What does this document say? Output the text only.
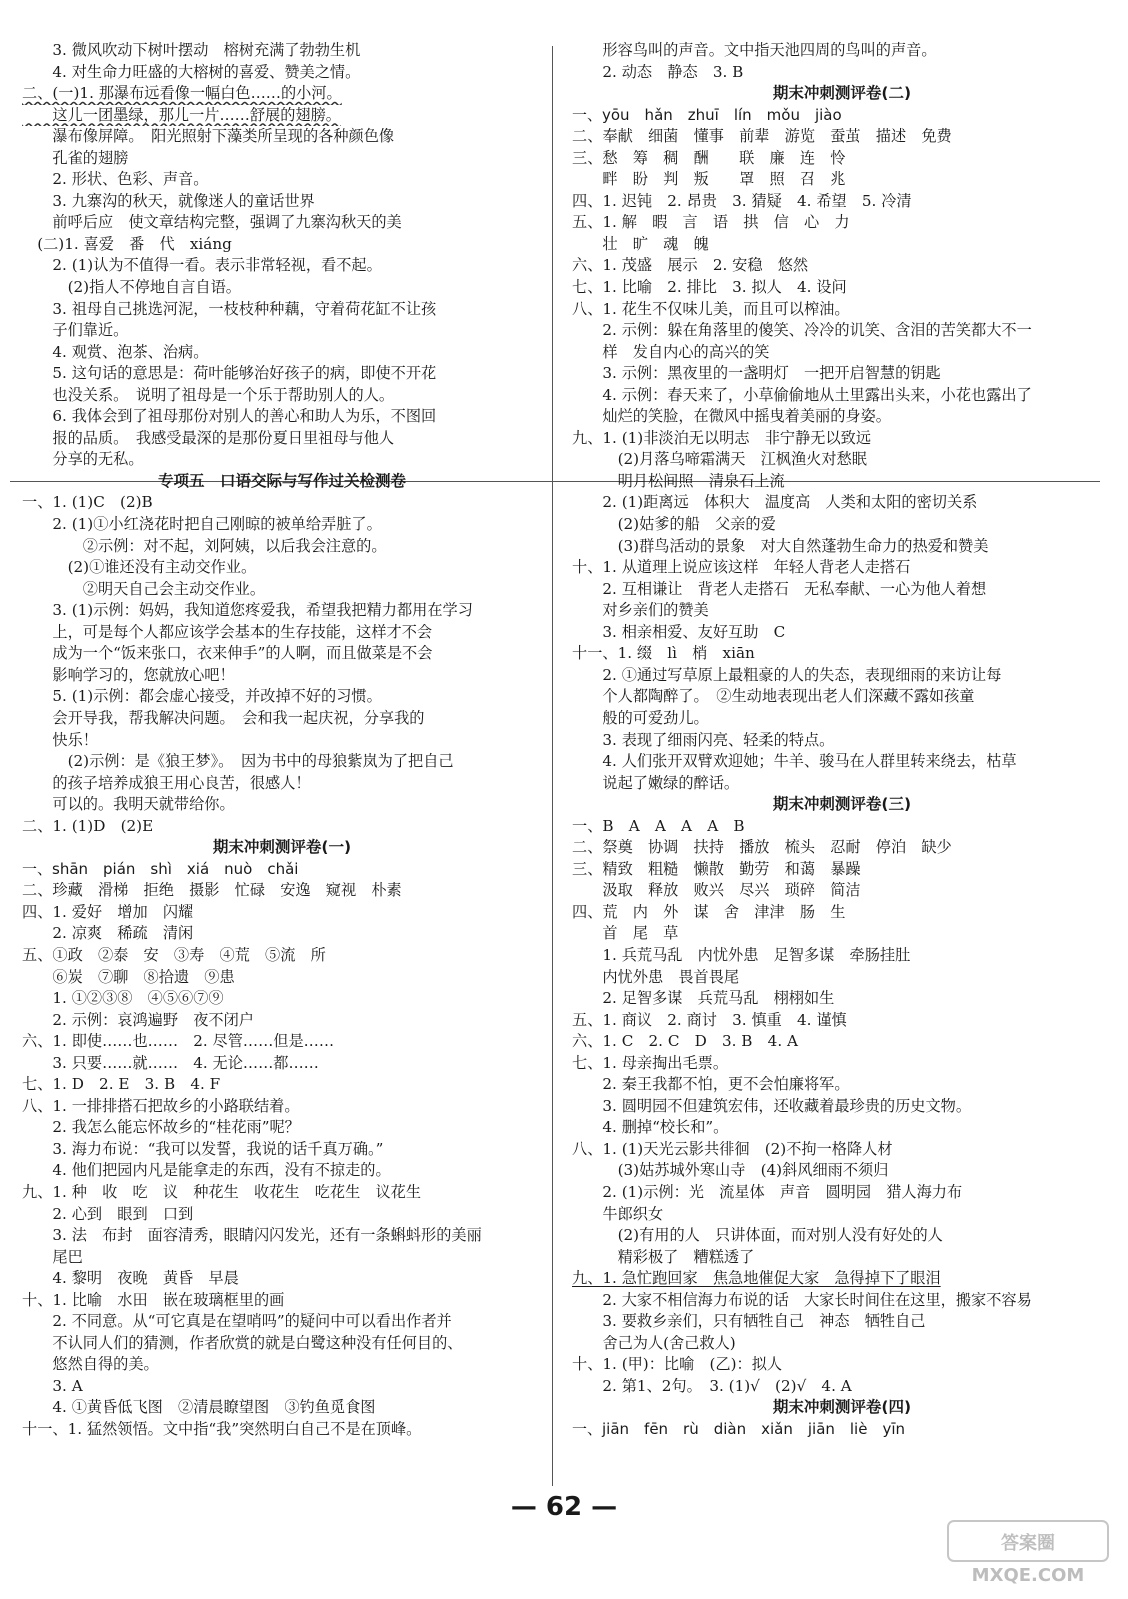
　　3. 微风吹动下树叶摆动　榕树充满了勃勃生机
　　4. 对生命力旺盛的大榕树的喜爱、赞美之情。
二、(一)1. 那瀑布远看像一幅白色……的小河。
　　这儿一团墨绿，那儿一片……舒展的翅膀。
　　瀑布像屏障。　阳光照射下藻类所呈现的各种颜色像
　　孔雀的翅膀
　　2. 形状、色彩、声音。
　　3. 九寨沟的秋天，就像迷人的童话世界
　　前呼后应　使文章结构完整，强调了九寨沟秋天的美
　(二)1. 喜爱　番　代　xiáng
　　2. (1)认为不值得一看。表示非常轻视，看不起。
　　　(2)指人不停地自言自语。
　　3. 祖母自己挑选河泥，一枝枝种种藕，守着荷花缸不让孩
　　子们靠近。
　　4. 观赏、泡茶、治病。
　　5. 这句话的意思是：荷叶能够治好孩子的病，即使不开花
　　也没关系。　说明了祖母是一个乐于帮助别人的人。
　　6. 我体会到了祖母那份对别人的善心和助人为乐，不图回
　　报的品质。　我感受最深的是那份夏日里祖母与他人
　　分享的无私。
专项五　口语交际与写作过关检测卷
一、1. (1)C　(2)B
　　2. (1)①小红浇花时把自己刚晾的被单给弄脏了。
　　　　②示例：对不起，刘阿姨，以后我会注意的。
　　　(2)①谁还没有主动交作业。
　　　　②明天自己会主动交作业。
　　3. (1)示例：妈妈，我知道您疼爱我，希望我把精力都用在学习
　　上，可是每个人都应该学会基本的生存技能，这样才不会
　　成为一个“饭来张口，衣来伸手”的人啊，而且做菜是不会
　　影响学习的，您就放心吧！
　　5. (1)示例：都会虚心接受，并改掉不好的习惯。
　　会开导我，帮我解决问题。　会和我一起庆祝，分享我的
　　快乐！
　　　(2)示例：是《狼王梦》。　因为书中的母狼紫岚为了把自己
　　的孩子培养成狼王用心良苦，很感人！
　　可以的。我明天就带给你。
二、1. (1)D　(2)E
期末冲刺测评卷(一)
一、shān　pián　shì　xiá　nuò　chǎi
二、珍藏　滑梯　拒绝　摄影　忙碌　安逸　窥视　朴素
四、1. 爱好　增加　闪耀
　　2. 凉爽　稀疏　清闲
五、①政　②泰　安　③寿　④荒　⑤流　所
　　⑥炭　⑦聊　⑧拾遗　⑨患
　　1. ①②③⑧　④⑤⑥⑦⑨
　　2. 示例：哀鸿遍野　夜不闭户
六、1. 即使……也……　2. 尽管……但是……
　　3. 只要……就……　4. 无论……都……
七、1. D　2. E　3. B　4. F
八、1. 一排排搭石把故乡的小路联结着。
　　2. 我怎么能忘怀故乡的“桂花雨”呢？
　　3. 海力布说：“我可以发誓，我说的话千真万确。”
　　4. 他们把园内凡是能拿走的东西，没有不掠走的。
九、1. 种　收　吃　议　种花生　收花生　吃花生　议花生
　　2. 心到　眼到　口到
　　3. 法　布封　面容清秀，眼睛闪闪发光，还有一条蝌蚪形的美丽
　　尾巴
　　4. 黎明　夜晚　黄昏　早晨
十、1. 比喻　水田　嵌在玻璃框里的画
　　2. 不同意。从“可它真是在望哨吗”的疑问中可以看出作者并
　　不认同人们的猜测，作者欣赏的就是白鹭这种没有任何目的、
　　悠然自得的美。
　　3. A
　　4. ①黄昏低飞图　②清晨瞭望图　③钓鱼觅食图
十一、1. 猛然领悟。文中指“我”突然明白自己不是在顶峰。
　　形容鸟叫的声音。文中指天池四周的鸟叫的声音。
　　2. 动态　静态　3. B
期末冲刺测评卷(二)
一、yōu　hǎn　zhuī　lín　mǒu　jiào
二、奉献　细菌　懂事　前辈　游览　蚕茧　描述　免费
三、愁　筹　稠　酬　　联　廉　连　怜
　　畔　盼　判　叛　　罩　照　召　兆
四、1. 迟钝　2. 昂贵　3. 猜疑　4. 希望　5. 冷清
五、1. 解　暇　言　语　拱　信　心　力
　　壮　旷　魂　魄
六、1. 茂盛　展示　2. 安稳　悠然
七、1. 比喻　2. 排比　3. 拟人　4. 设问
八、1. 花生不仅味儿美，而且可以榨油。
　　2. 示例：躲在角落里的傻笑、冷冷的讥笑、含泪的苦笑都大不一
　　样　发自内心的高兴的笑
　　3. 示例：黑夜里的一盏明灯　一把开启智慧的钥匙
　　4. 示例：春天来了，小草偷偷地从土里露出头来，小花也露出了
　　灿烂的笑脸，在微风中摇曳着美丽的身姿。
九、1. (1)非淡泊无以明志　非宁静无以致远
　　　(2)月落乌啼霜满天　江枫渔火对愁眠
　　　明月松间照　清泉石上流
　　2. (1)距离远　体积大　温度高　人类和太阳的密切关系
　　　(2)姑爹的船　父亲的爱
　　　(3)群鸟活动的景象　对大自然蓬勃生命力的热爱和赞美
十、1. 从道理上说应该这样　年轻人背老人走搭石
　　2. 互相谦让　背老人走搭石　无私奉献、一心为他人着想
　　对乡亲们的赞美
　　3. 相亲相爱、友好互助　C
十一、1. 缀　lì　梢　xiān
　　2. ①通过写草原上最粗豪的人的失态，表现细雨的来访让每
　　个人都陶醉了。　②生动地表现出老人们深藏不露如孩童
　　般的可爱劲儿。
　　3. 表现了细雨闪亮、轻柔的特点。
　　4. 人们张开双臂欢迎她；牛羊、骏马在人群里转来绕去，枯草
　　说起了嫩绿的醉话。
期末冲刺测评卷(三)
一、B　A　A　A　A　B
二、祭奠　协调　扶持　播放　梳头　忍耐　停泊　缺少
三、精致　粗糙　懒散　勤劳　和蔼　暴躁
　　汲取　释放　败兴　尽兴　琐碎　简洁
四、荒　内　外　谋　舍　津津　肠　生
　　首　尾　草
　　1. 兵荒马乱　内忧外患　足智多谋　牵肠挂肚
　　内忧外患　畏首畏尾
　　2. 足智多谋　兵荒马乱　栩栩如生
五、1. 商议　2. 商讨　3. 慎重　4. 谨慎
六、1. C　2. C　D　3. B　4. A
七、1. 母亲掏出毛票。
　　2. 秦王我都不怕，更不会怕廉将军。
　　3. 圆明园不但建筑宏伟，还收藏着最珍贵的历史文物。
　　4. 删掉“校长和”。
八、1. (1)天光云影共徘徊　(2)不拘一格降人材
　　　(3)姑苏城外寒山寺　(4)斜风细雨不须归
　　2. (1)示例：光　流星体　声音　圆明园　猎人海力布
　　牛郎织女
　　　(2)有用的人　只讲体面，而对别人没有好处的人
　　　精彩极了　糟糕透了
九、1. 急忙跑回家　焦急地催促大家　急得掉下了眼泪
　　2. 大家不相信海力布说的话　大家长时间住在这里，搬家不容易
　　3. 要救乡亲们，只有牺牲自己　神态　牺牲自己
　　舍己为人(舍己救人)
十、1. (甲)：比喻　(乙)：拟人
　　2. 第1、2句。　3. (1)√　(2)√　4. A
期末冲刺测评卷(四)
一、jiān　fēn　rù　diàn　xiǎn　jiān　liè　yīn
— 62 —
答案圈
MXQE.COM
